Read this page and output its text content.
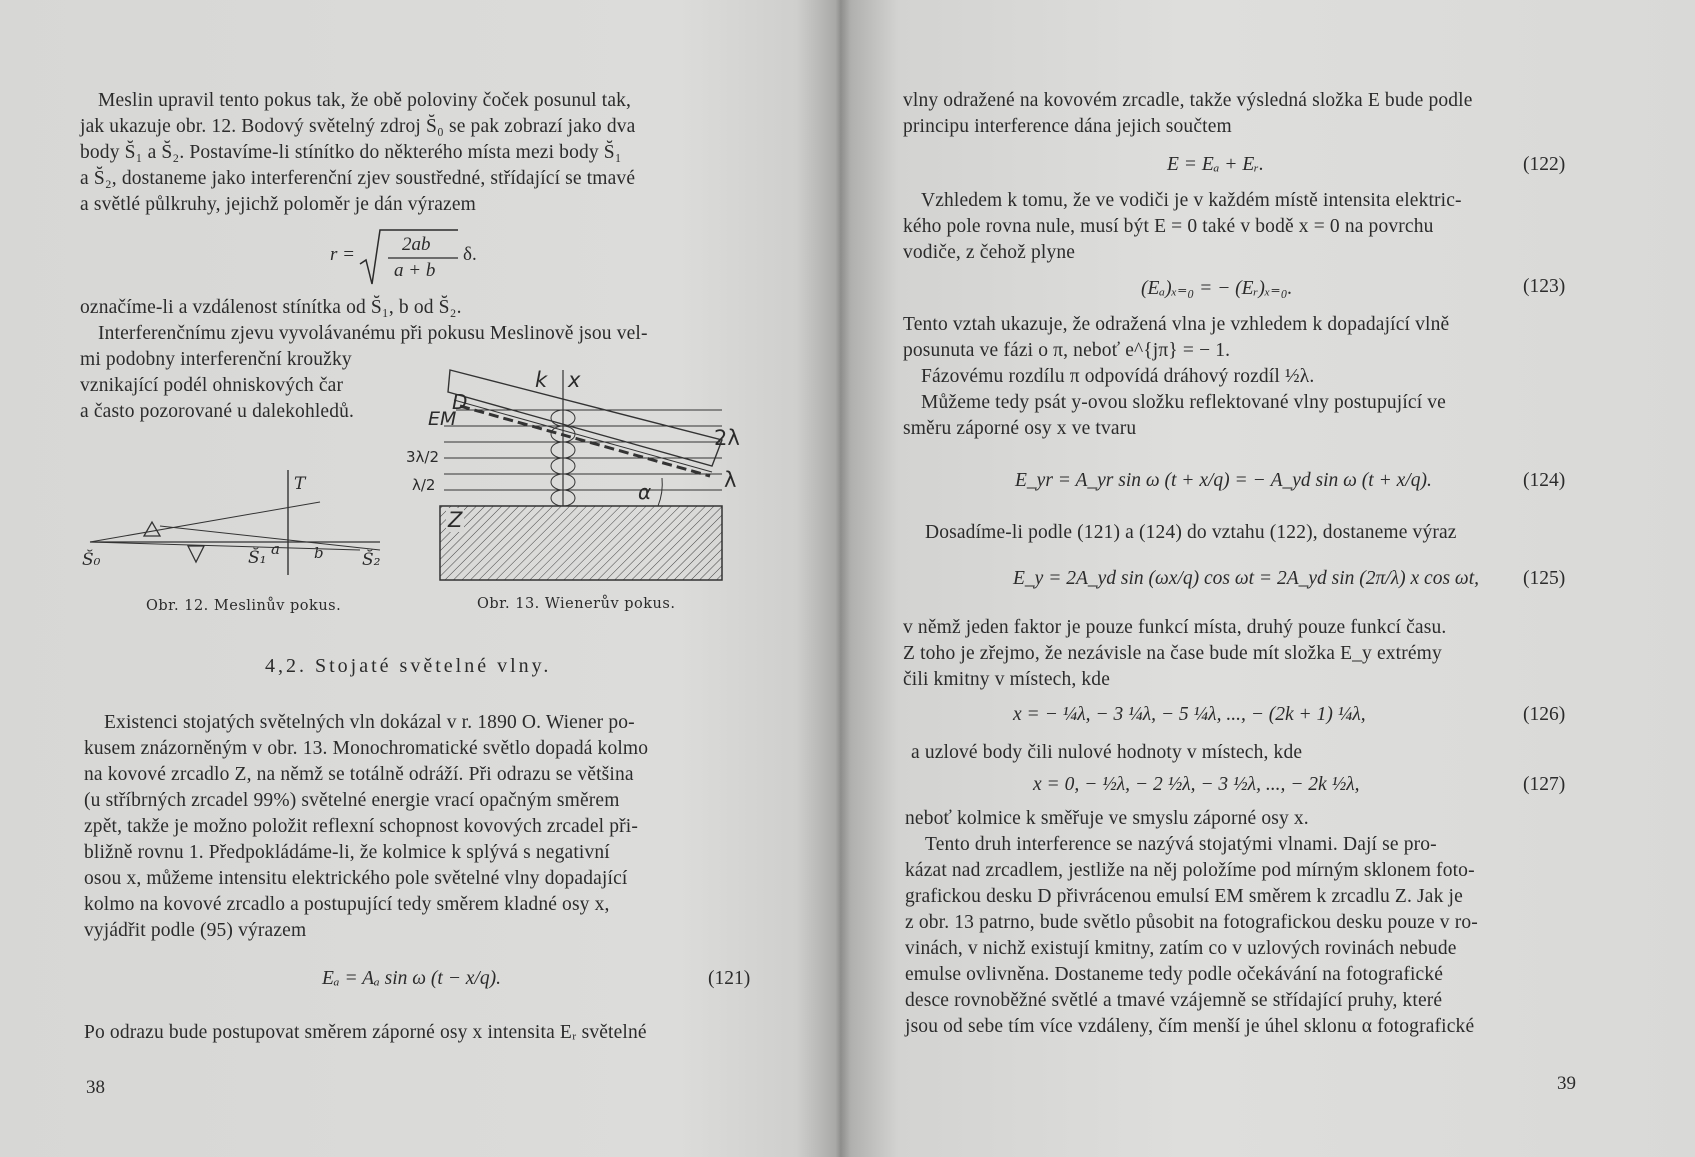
Meslin upravil tento pokus tak, že obě poloviny čoček posunul tak,
jak ukazuje obr. 12. Bodový světelný zdroj S̆₀ se pak zobrazí jako dva
body S̆₁ a S̆₂. Postavíme-li stínítko do některého místa mezi body S̆₁
a S̆₂, dostaneme jako interferenční zjev soustředné, střídající se tmavé
a světlé půlkruhy, jejichž poloměr je dán výrazem
r = 2ab
a + b
δ.
označíme-li a vzdálenost stínítka od S̆₁, b od S̆₂.
Interferenčnímu zjevu vyvolávanému při pokusu Meslinově jsou vel-
mi podobny interferenční kroužky
vznikající podél ohniskových čar
a často pozorované u dalekohledů.
T
S̆₀	S̆₁ a b S̆₂
Obr. 12. Meslinův pokus.
k x
D
EM
2λ
λ
3λ/2
λ/2	α
Z
Obr. 13. Wienerův pokus.
4,2. Stojaté světelné vlny.
Existenci stojatých světelných vln dokázal v r. 1890 O. Wiener po-
kusem znázorněným v obr. 13. Monochromatické světlo dopadá kolmo
na kovové zrcadlo Z, na němž se totálně odráží. Při odrazu se většina
(u stříbrných zrcadel 99%) světelné energie vrací opačným směrem
zpět, takže je možno položit reflexní schopnost kovových zrcadel při-
bližně rovnu 1. Předpokládáme-li, že kolmice k splývá s negativní
osou x, můžeme intensitu elektrického pole světelné vlny dopadající
kolmo na kovové zrcadlo a postupující tedy směrem kladné osy x,
vyjádřit podle (95) výrazem
Eₐ = Aₐ sin ω (t − x/q).	(121)
Po odrazu bude postupovat směrem záporné osy x intensita Eᵣ světelné
38
vlny odražené na kovovém zrcadle, takže výsledná složka E bude podle
principu interference dána jejich součtem
E = Eₐ + Eᵣ.	(122)
Vzhledem k tomu, že ve vodiči je v každém místě intensita elektric-
kého pole rovna nule, musí být E = 0 také v bodě x = 0 na povrchu
vodiče, z čehož plyne
(Eₐ)ₓ₌₀ = − (Eᵣ)ₓ₌₀.	(123)
Tento vztah ukazuje, že odražená vlna je vzhledem k dopadající vlně
posunuta ve fázi o π, neboť e^{jπ} = − 1.
Fázovému rozdílu π odpovídá dráhový rozdíl ½λ.
Můžeme tedy psát y-ovou složku reflektované vlny postupující ve
směru záporné osy x ve tvaru
E_yr = A_yr sin ω (t + x/q) = − A_yd sin ω (t + x/q).	(124)
Dosadíme-li podle (121) a (124) do vztahu (122), dostaneme výraz
E_y = 2A_yd sin (ωx/q) cos ωt = 2A_yd sin (2π/λ) x cos ωt, (125)
v němž jeden faktor je pouze funkcí místa, druhý pouze funkcí času.
Z toho je zřejmo, že nezávisle na čase bude mít složka E_y extrémy
čili kmitny v místech, kde
x = − ¼λ, − 3 ¼λ, − 5 ¼λ, ..., − (2k + 1) ¼λ,	(126)
a uzlové body čili nulové hodnoty v místech, kde
x = 0, − ½λ, − 2 ½λ, − 3 ½λ, ..., − 2k ½λ,	(127)
neboť kolmice k směřuje ve smyslu záporné osy x.
Tento druh interference se nazývá stojatými vlnami. Dají se pro-
kázat nad zrcadlem, jestliže na něj položíme pod mírným sklonem foto-
grafickou desku D přivrácenou emulsí EM směrem k zrcadlu Z. Jak je
z obr. 13 patrno, bude světlo působit na fotografickou desku pouze v ro-
vinách, v nichž existují kmitny, zatím co v uzlových rovinách nebude
emulse ovlivněna. Dostaneme tedy podle očekávání na fotografické
desce rovnoběžné světlé a tmavé vzájemně se střídající pruhy, které
jsou od sebe tím více vzdáleny, čím menší je úhel sklonu α fotografické
39
